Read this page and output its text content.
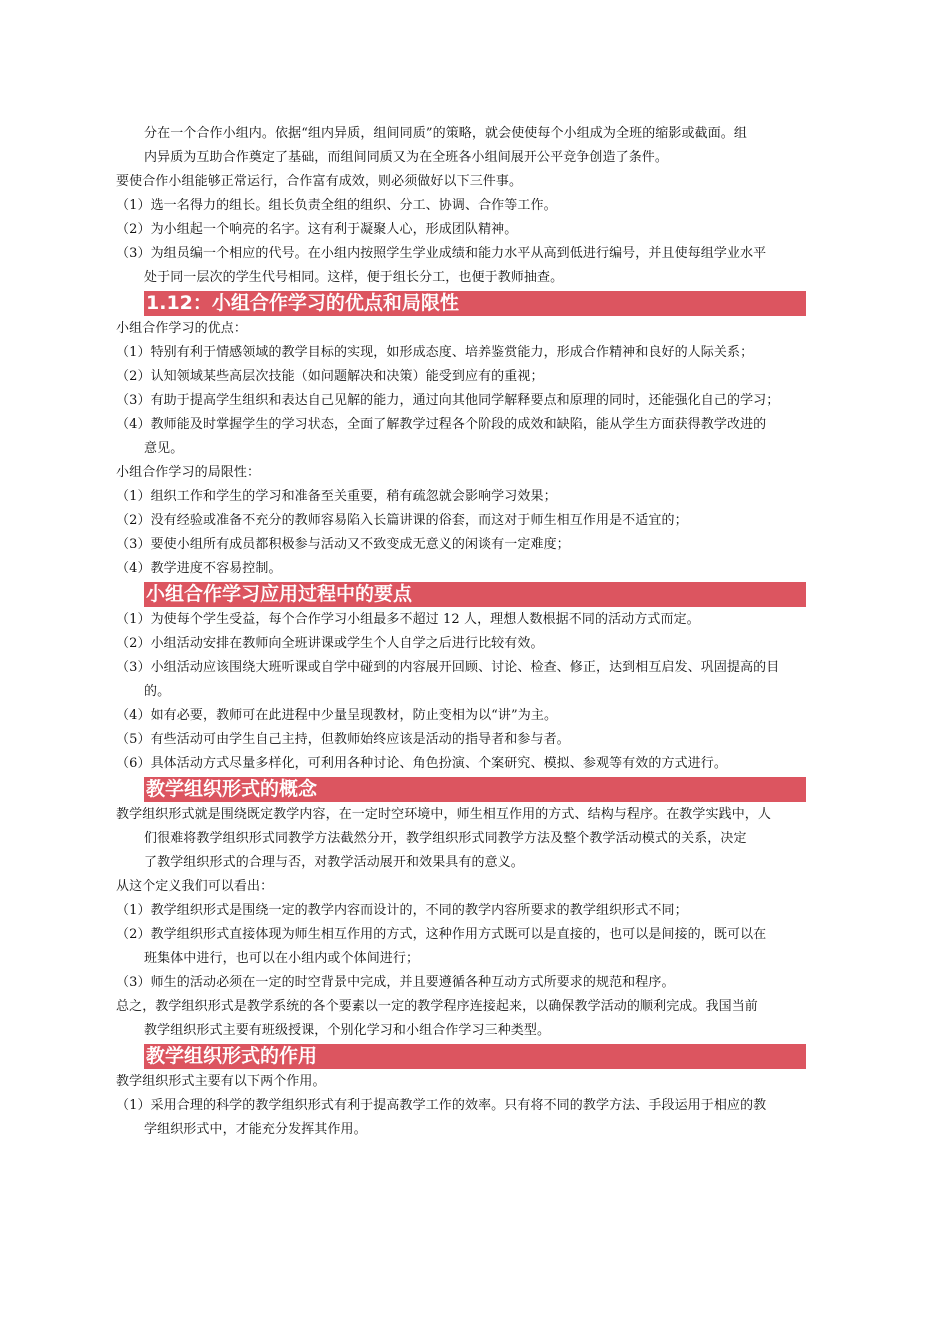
分在一个合作小组内。依据“组内异质，组间同质”的策略，就会使使每个小组成为全班的缩影或截面。组

内异质为互助合作奠定了基础，而组间同质又为在全班各小组间展开公平竞争创造了条件。

要使合作小组能够正常运行，合作富有成效，则必须做好以下三件事。

（1）选一名得力的组长。组长负责全组的组织、分工、协调、合作等工作。

（2）为小组起一个响亮的名字。这有利于凝聚人心，形成团队精神。

（3）为组员编一个相应的代号。在小组内按照学生学业成绩和能力水平从高到低进行编号，并且使每组学业水平

处于同一层次的学生代号相同。这样，便于组长分工，也便于教师抽查。

1.12：小组合作学习的优点和局限性

小组合作学习的优点：

（1）特别有利于情感领域的教学目标的实现，如形成态度、培养鉴赏能力，形成合作精神和良好的人际关系；

（2）认知领域某些高层次技能（如问题解决和决策）能受到应有的重视；

（3）有助于提高学生组织和表达自己见解的能力，通过向其他同学解释要点和原理的同时，还能强化自己的学习；

（4）教师能及时掌握学生的学习状态，全面了解教学过程各个阶段的成效和缺陷，能从学生方面获得教学改进的

意见。

小组合作学习的局限性：

（1）组织工作和学生的学习和准备至关重要，稍有疏忽就会影响学习效果；

（2）没有经验或准备不充分的教师容易陷入长篇讲课的俗套，而这对于师生相互作用是不适宜的；

（3）要使小组所有成员都积极参与活动又不致变成无意义的闲谈有一定难度；

（4）教学进度不容易控制。

小组合作学习应用过程中的要点

（1）为使每个学生受益，每个合作学习小组最多不超过 12 人，理想人数根据不同的活动方式而定。

（2）小组活动安排在教师向全班讲课或学生个人自学之后进行比较有效。

（3）小组活动应该围绕大班听课或自学中碰到的内容展开回顾、讨论、检查、修正，达到相互启发、巩固提高的目

的。

（4）如有必要，教师可在此进程中少量呈现教材，防止变相为以“讲”为主。

（5）有些活动可由学生自己主持，但教师始终应该是活动的指导者和参与者。

（6）具体活动方式尽量多样化，可利用各种讨论、角色扮演、个案研究、模拟、参观等有效的方式进行。

教学组织形式的概念

教学组织形式就是围绕既定教学内容，在一定时空环境中，师生相互作用的方式、结构与程序。在教学实践中，人

们很难将教学组织形式同教学方法截然分开，教学组织形式同教学方法及整个教学活动模式的关系，决定

了教学组织形式的合理与否，对教学活动展开和效果具有的意义。

从这个定义我们可以看出：

（1）教学组织形式是围绕一定的教学内容而设计的，不同的教学内容所要求的教学组织形式不同；

（2）教学组织形式直接体现为师生相互作用的方式，这种作用方式既可以是直接的，也可以是间接的，既可以在

班集体中进行，也可以在小组内或个体间进行；

（3）师生的活动必须在一定的时空背景中完成，并且要遵循各种互动方式所要求的规范和程序。

总之，教学组织形式是教学系统的各个要素以一定的教学程序连接起来，以确保教学活动的顺利完成。我国当前

教学组织形式主要有班级授课，个别化学习和小组合作学习三种类型。

教学组织形式的作用

教学组织形式主要有以下两个作用。

（1）采用合理的科学的教学组织形式有利于提高教学工作的效率。只有将不同的教学方法、手段运用于相应的教

学组织形式中，才能充分发挥其作用。
